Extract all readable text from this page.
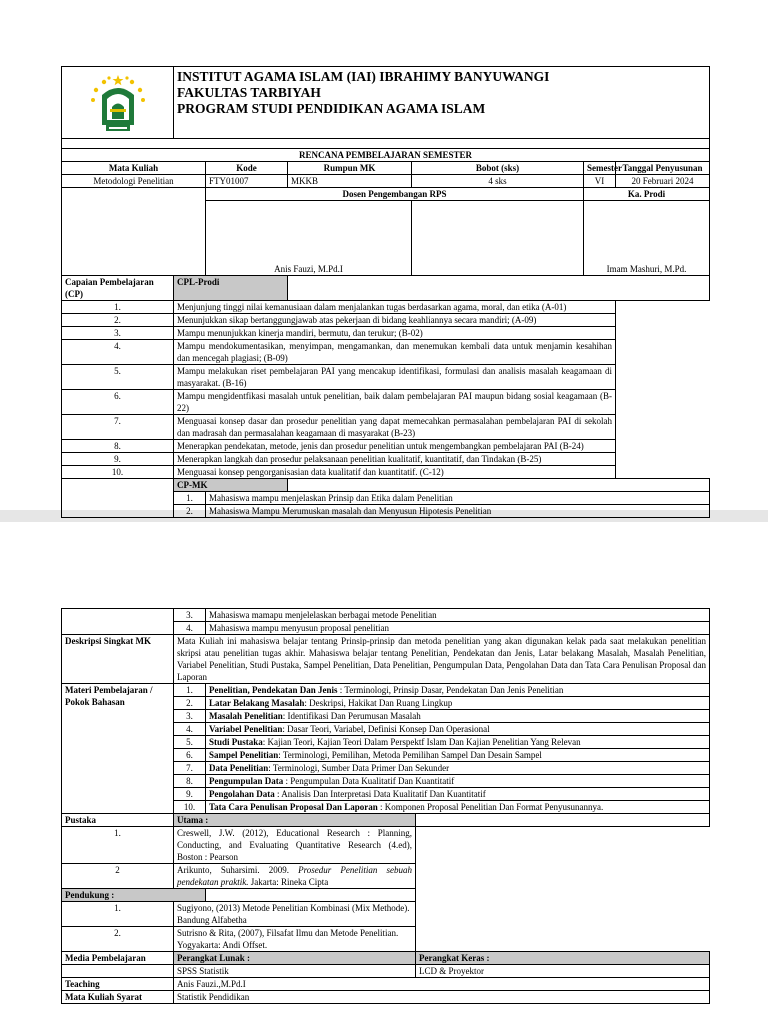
INSTITUT AGAMA ISLAM (IAI) IBRAHIMY BANYUWANGI
FAKULTAS TARBIYAH
PROGRAM STUDI PENDIDIKAN AGAMA ISLAM					

RENCANA PEMBELAJARAN SEMESTER						
Mata Kuliah		Kode	Rumpun MK	Bobot (sks)	Semester	Tanggal Penyusunan
Metodologi Penelitian		FTY01007	MKKB	4 sks	VI	20 Februari 2024
		Dosen Pengembangan RPS			Ka. Prodi	
		Anis Fauzi, M.Pd.I			Imam Mashuri, M.Pd.	
Capaian Pembelajaran (CP)	CPL-Prodi					
1.	Menjunjung tinggi nilai kemanusiaan dalam menjalankan tugas berdasarkan agama, moral, dan etika (A-01)					
2.	Menunjukkan sikap bertanggungjawab atas pekerjaan di bidang keahliannya secara mandiri; (A-09)					
3.	Mampu menunjukkan kinerja mandiri, bermutu, dan terukur; (B-02)					
4.	Mampu mendokumentasikan, menyimpan, mengamankan, dan menemukan kembali data untuk menjamin kesahihan dan mencegah plagiasi; (B-09)					
5.	Mampu melakukan riset pembelajaran PAI yang mencakup identifikasi, formulasi dan analisis masalah keagamaan di masyarakat. (B-16)					
6.	Mampu mengidentfikasi masalah untuk penelitian, baik dalam pembelajaran PAI maupun bidang sosial keagamaan (B-22)					
7.	Menguasai konsep dasar dan prosedur penelitian yang dapat memecahkan permasalahan pembelajaran PAI di sekolah dan madrasah dan permasalahan keagamaan di masyarakat (B-23)					
8.	Menerapkan pendekatan, metode, jenis dan prosedur penelitian untuk mengembangkan pembelajaran PAI (B-24)					
9.	Menerapkan langkah dan prosedur pelaksanaan penelitian kualitatif, kuantitatif, dan Tindakan (B-25)					
10.	Menguasai konsep pengorganisasian data kualitatif dan kuantitatif. (C-12)					
	CP-MK					
	1.	Mahasiswa mampu menjelaskan Prinsip dan Etika dalam Penelitian				
	2.	Mahasiswa Mampu Merumuskan masalah dan Menyusun Hipotesis Penelitian				
	3.	Mahasiswa mamapu menjelelaskan berbagai metode Penelitian	
	4.	Mahasiswa mampu menyusun proposal penelitian	
Deskripsi Singkat MK	Mata Kuliah ini mahasiswa belajar tentang Prinsip-prinsip dan metoda penelitian yang akan digunakan kelak pada saat melakukan penelitian skripsi atau penelitian tugas akhir. Mahasiswa belajar tentang Penelitian, Pendekatan dan Jenis, Latar belakang Masalah, Masalah Penelitian, Variabel Penelitian, Studi Pustaka, Sampel Penelitian, Data Penelitian, Pengumpulan Data, Pengolahan Data dan Tata Cara Penulisan Proposal dan Laporan		
Materi Pembelajaran / Pokok Bahasan	1.	Penelitian, Pendekatan Dan Jenis : Terminologi, Prinsip Dasar, Pendekatan Dan Jenis Penelitian	
	2.	Latar Belakang Masalah: Deskripsi, Hakikat Dan Ruang Lingkup	
	3.	Masalah Penelitian: Identifikasi Dan Perumusan Masalah	
	4.	Variabel Penelitian: Dasar Teori, Variabel, Definisi Konsep Dan Operasional	
	5.	Studi Pustaka: Kajian Teori, Kajian Teori Dalam Perspektf Islam Dan Kajian Penelitian Yang Relevan	
	6.	Sampel Penelitian: Terminologi, Pemilihan, Metoda Pemilihan Sampel Dan Desain Sampel	
	7.	Data Penelitian: Terminologi, Sumber Data Primer Dan Sekunder	
	8.	Pengumpulan Data : Pengumpulan Data Kualitatif Dan Kuantitatif	
	9.	Pengolahan Data : Analisis Dan Interpretasi Data Kualitatif Dan Kuantitatif	
	10.	Tata Cara Penulisan Proposal Dan Laporan : Komponen Proposal Penelitian Dan Format Penyusunannya.	
Pustaka	Utama :		
1.	Creswell, J.W. (2012), Educational Research : Planning, Conducting, and Evaluating Quantitative Research (4.ed), Boston : Pearson		
2	Arikunto, Suharsimi. 2009. Prosedur Penelitian sebuah pendekatan praktik. Jakarta: Rineka Cipta		
Pendukung :			
1.	Sugiyono, (2013) Metode Penelitian Kombinasi (Mix Methode). Bandung Alfabetha		
2.	Sutrisno & Rita, (2007), Filsafat Ilmu dan Metode Penelitian. Yogyakarta: Andi Offset.		
Media Pembelajaran	Perangkat Lunak :		Perangkat Keras :
	SPSS Statistik		LCD & Proyektor
Teaching	Anis Fauzi.,M.Pd.I		
Mata Kuliah Syarat	Statistik Pendidikan		
